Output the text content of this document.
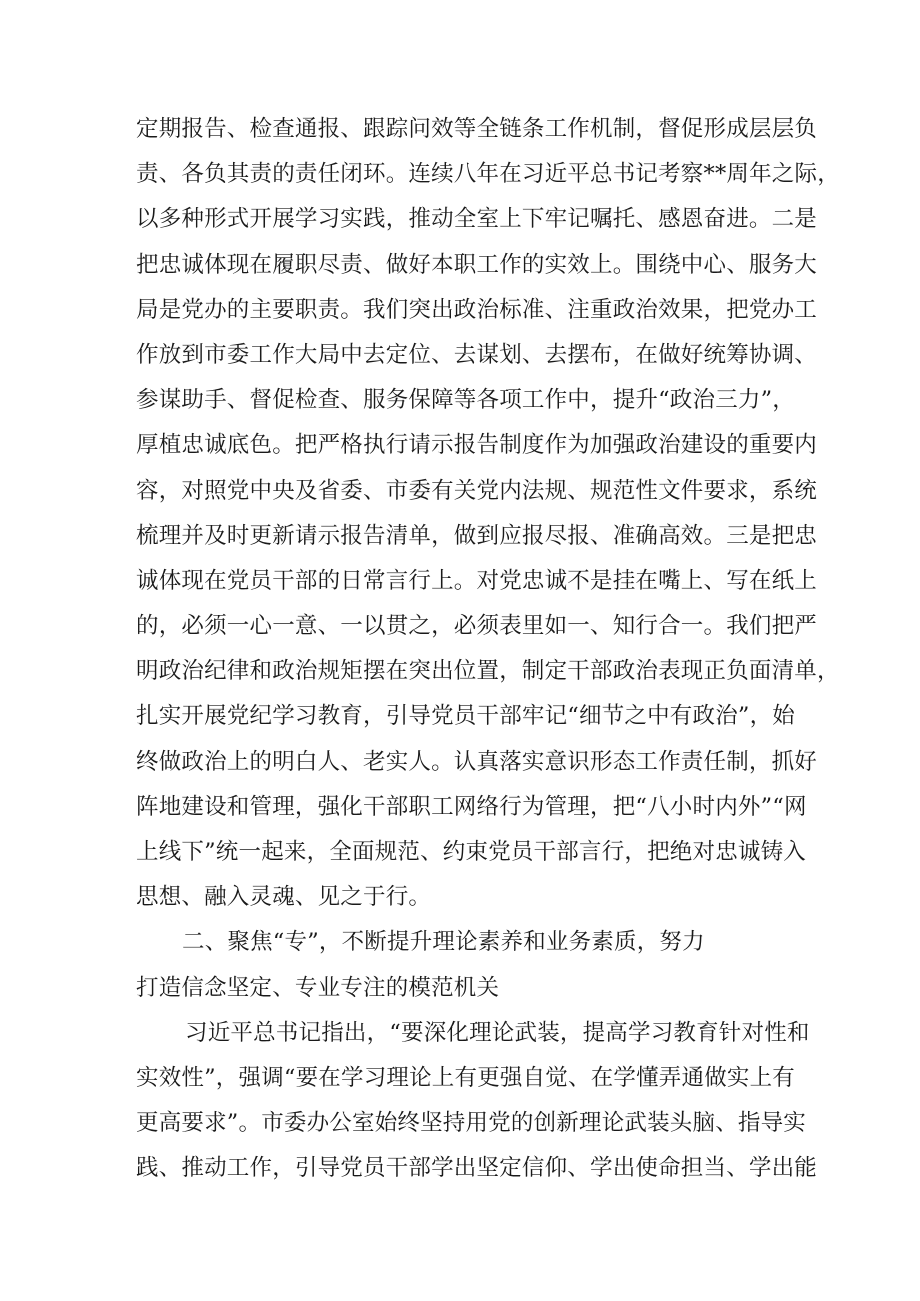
定期报告、检查通报、跟踪问效等全链条工作机制，督促形成层层负
责、各负其责的责任闭环。连续八年在习近平总书记考察**周年之际，
以多种形式开展学习实践，推动全室上下牢记嘱托、感恩奋进。二是
把忠诚体现在履职尽责、做好本职工作的实效上。围绕中心、服务大
局是党办的主要职责。我们突出政治标准、注重政治效果，把党办工
作放到市委工作大局中去定位、去谋划、去摆布，在做好统筹协调、
参谋助手、督促检查、服务保障等各项工作中，提升“政治三力”，
厚植忠诚底色。把严格执行请示报告制度作为加强政治建设的重要内
容，对照党中央及省委、市委有关党内法规、规范性文件要求，系统
梳理并及时更新请示报告清单，做到应报尽报、准确高效。三是把忠
诚体现在党员干部的日常言行上。对党忠诚不是挂在嘴上、写在纸上
的，必须一心一意、一以贯之，必须表里如一、知行合一。我们把严
明政治纪律和政治规矩摆在突出位置，制定干部政治表现正负面清单，
扎实开展党纪学习教育，引导党员干部牢记“细节之中有政治”，始
终做政治上的明白人、老实人。认真落实意识形态工作责任制，抓好
阵地建设和管理，强化干部职工网络行为管理，把“八小时内外”“网
上线下”统一起来，全面规范、约束党员干部言行，把绝对忠诚铸入
思想、融入灵魂、见之于行。
二、聚焦“专”，不断提升理论素养和业务素质，努力
打造信念坚定、专业专注的模范机关
习近平总书记指出，“要深化理论武装，提高学习教育针对性和
实效性”，强调“要在学习理论上有更强自觉、在学懂弄通做实上有
更高要求”。市委办公室始终坚持用党的创新理论武装头脑、指导实
践、推动工作，引导党员干部学出坚定信仰、学出使命担当、学出能
